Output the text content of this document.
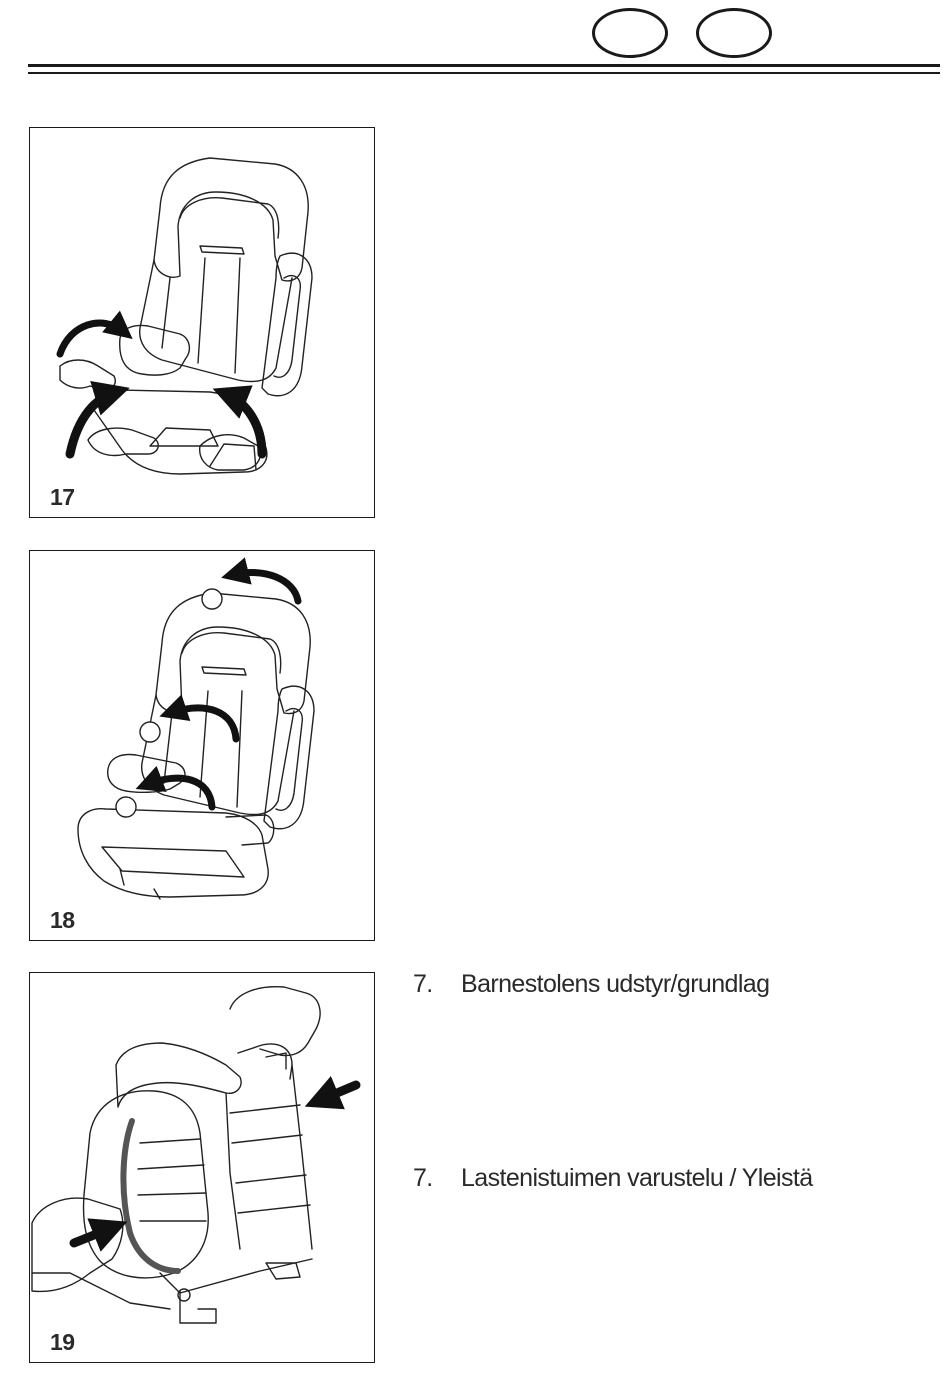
17
18
19
7. Barnestolens udstyr/grundlag
7. Lastenistuimen varustelu / Yleistä
